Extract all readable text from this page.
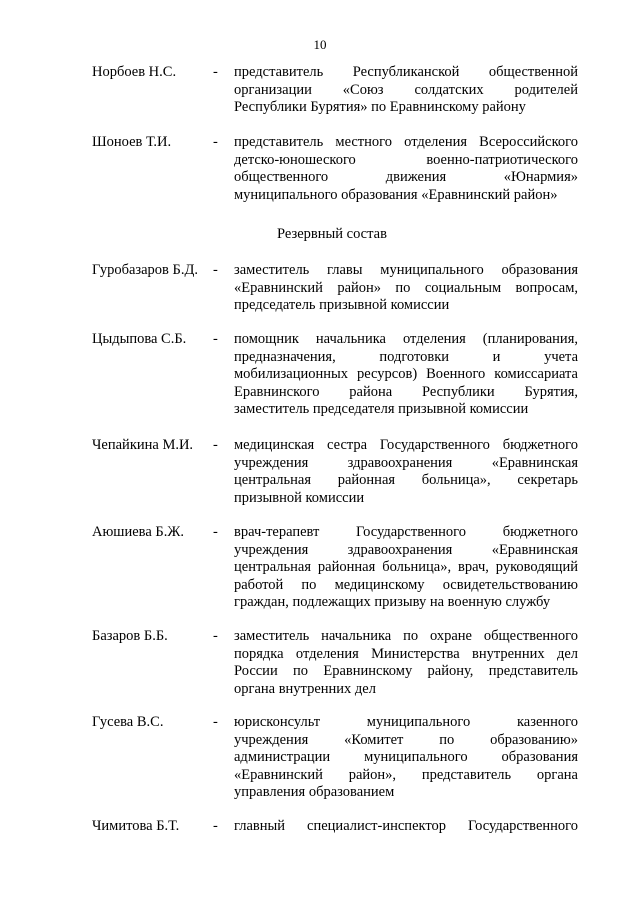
10
Норбоев Н.С.	- представитель Республиканской общественной
организации «Союз солдатских родителей
Республики Бурятия» по Еравнинскому району
Шоноев Т.И.	- представитель местного отделения Всероссийского
детско-юношеского военно-патриотического
общественного движения «Юнармия»
муниципального образования «Еравнинский район»
Резервный состав
Гуробазаров Б.Д. - заместитель главы муниципального образования
«Еравнинский район» по социальным вопросам,
председатель призывной комиссии
Цыдыпова С.Б. - помощник начальника отделения (планирования,
предназначения, подготовки и учета
мобилизационных ресурсов) Военного комиссариата
Еравнинского района Республики Бурятия,
заместитель председателя призывной комиссии
Чепайкина М.И. - медицинская сестра Государственного бюджетного
учреждения здравоохранения «Еравнинская
центральная районная больница», секретарь
призывной комиссии
Аюшиева Б.Ж. - врач-терапевт Государственного бюджетного
учреждения здравоохранения «Еравнинская
центральная районная больница», врач, руководящий
работой по медицинскому освидетельствованию
граждан, подлежащих призыву на военную службу
Базаров Б.Б.	- заместитель начальника по охране общественного
порядка отделения Министерства внутренних дел
России по Еравнинскому району, представитель
органа внутренних дел
Гусева В.С.	- юрисконсульт муниципального казенного
учреждения «Комитет по образованию»
администрации муниципального образования
«Еравнинский район», представитель органа
управления образованием
Чимитова Б.Т. - главный специалист-инспектор Государственного
